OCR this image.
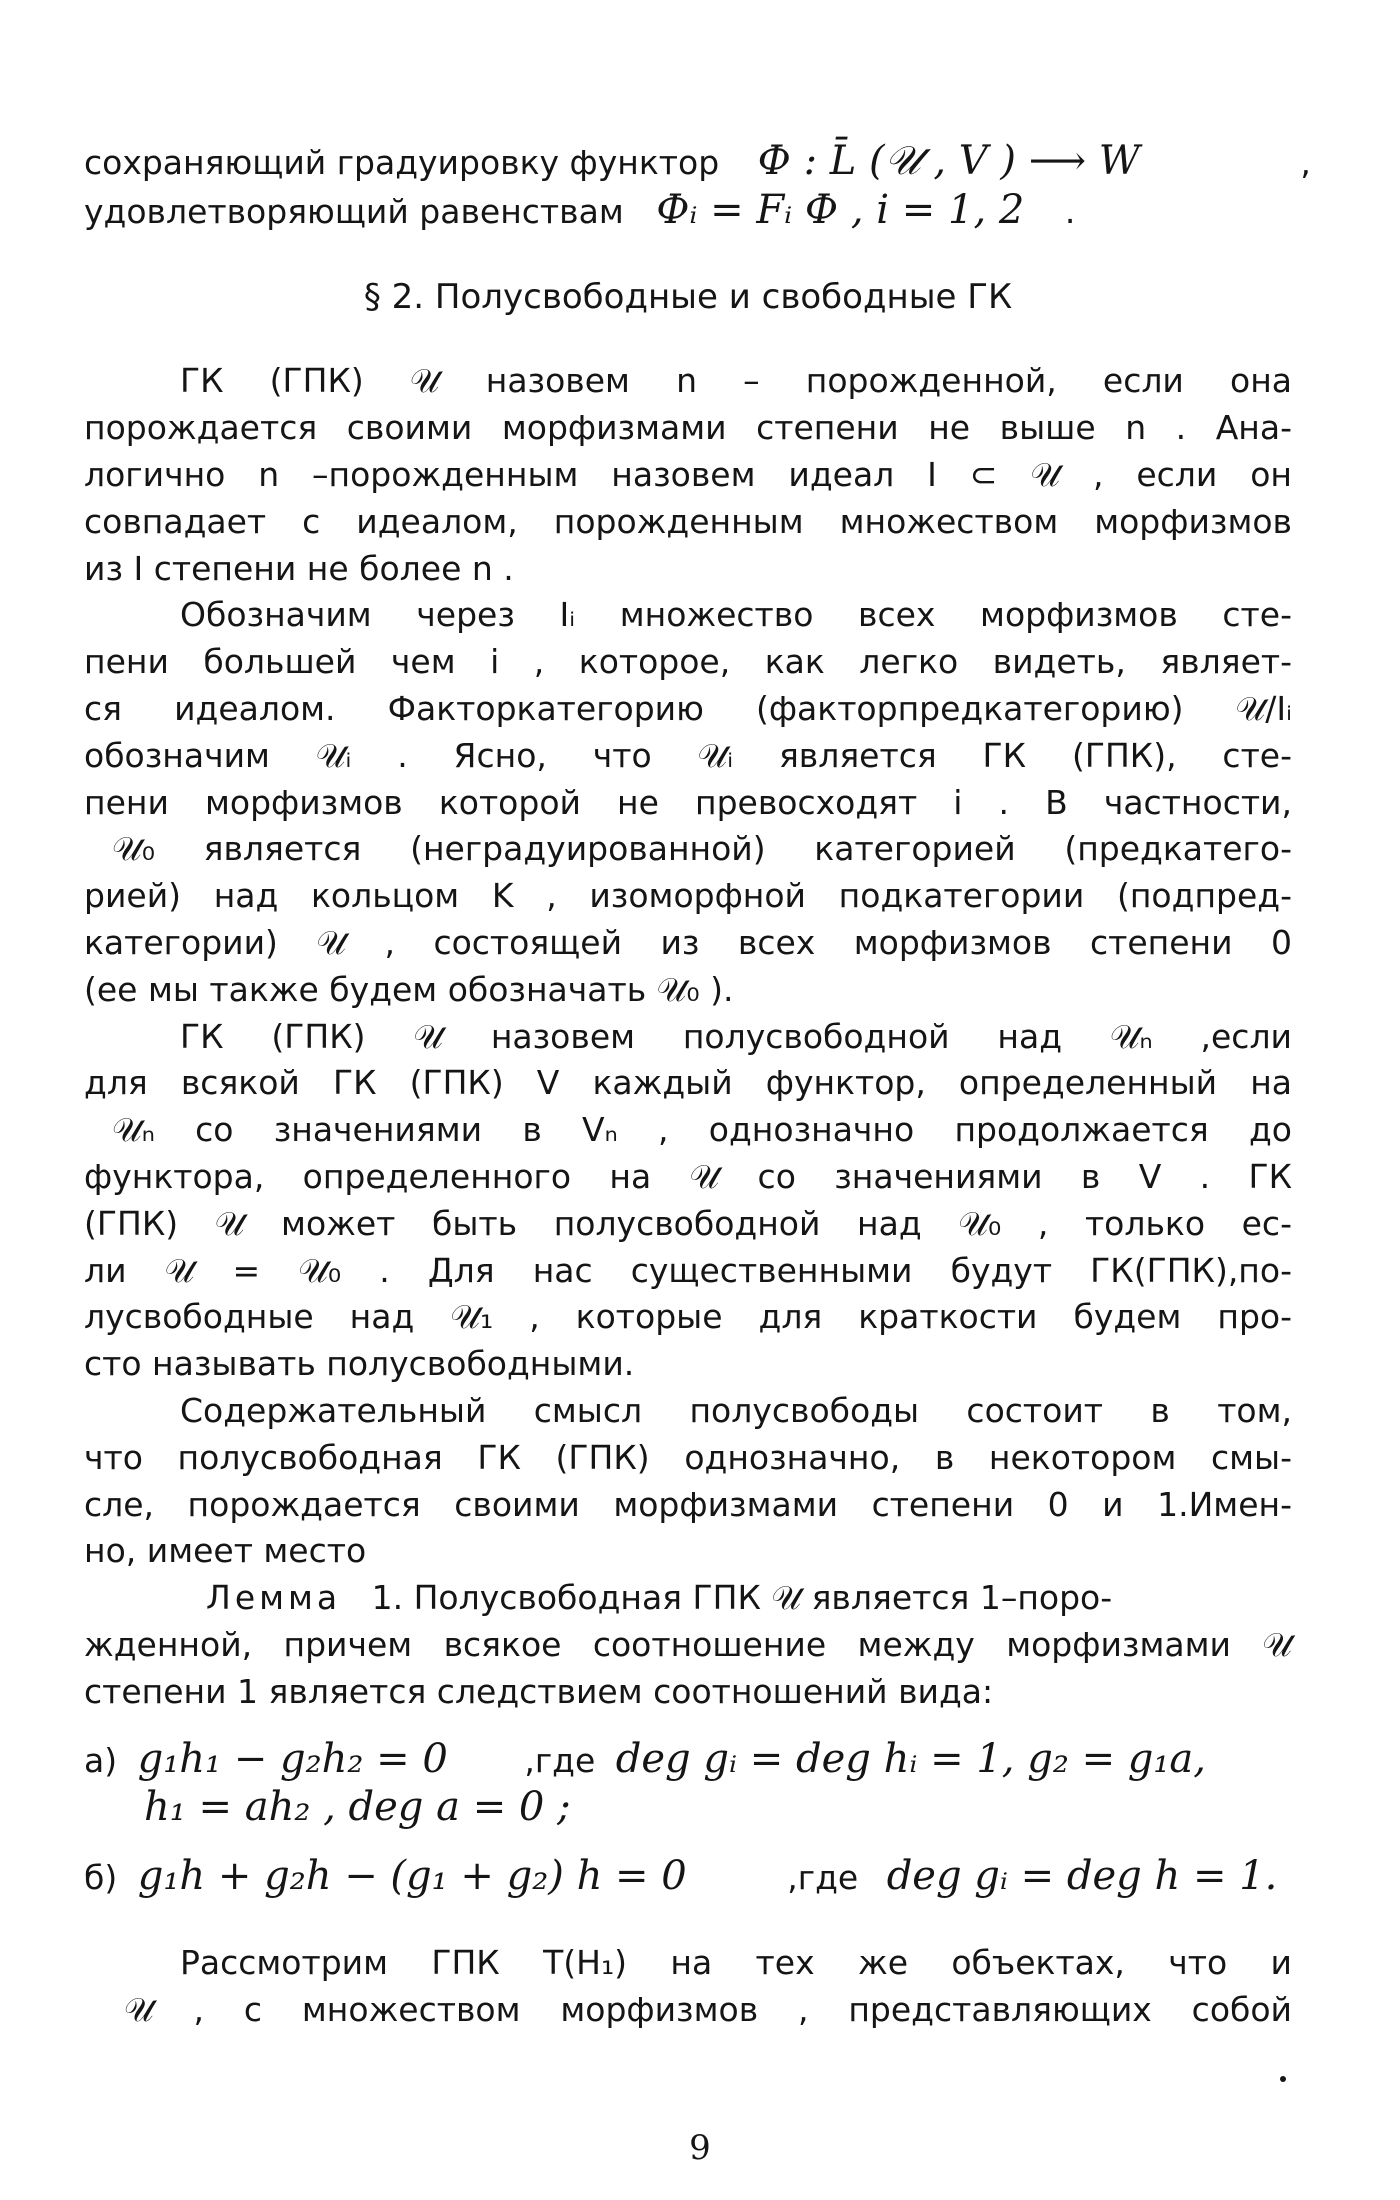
сохраняющий градуировку функтор Ф : L̄ (𝒰 , V ) ⟶ W	,
удовлетворяющий равенствам Фᵢ = Fᵢ Ф , i = 1, 2 .
§ 2. Полусвободные и свободные ГК
ГК (ГПК) 𝒰 назовем n – порожденной, если она
порождается своими морфизмами степени не выше n . Ана-
логично n –порожденным назовем идеал I ⊂ 𝒰 , если он
совпадает с идеалом, порожденным множеством морфизмов
из I степени не более n .
Обозначим через Iᵢ множество всех морфизмов сте-
пени большей чем i , которое, как легко видеть, являет-
ся идеалом. Факторкатегорию (факторпредкатегорию) 𝒰/Iᵢ
обозначим 𝒰ᵢ . Ясно, что 𝒰ᵢ является ГК (ГПК), сте-
пени морфизмов которой не превосходят i . В частности,
𝒰₀ является (неградуированной) категорией (предкатего-
рией) над кольцом K , изоморфной подкатегории (подпред-
категории) 𝒰 , состоящей из всех морфизмов степени 0
(ее мы также будем обозначать 𝒰₀ ).
ГК (ГПК) 𝒰 назовем полусвободной над 𝒰ₙ ,если
для всякой ГК (ГПК) V каждый функтор, определенный на
𝒰ₙ со значениями в Vₙ , однозначно продолжается до
функтора, определенного на 𝒰 со значениями в V . ГК
(ГПК) 𝒰 может быть полусвободной над 𝒰₀ , только ес-
ли 𝒰 = 𝒰₀ . Для нас существенными будут ГК(ГПК),по-
лусвободные над 𝒰₁ , которые для краткости будем про-
сто называть полусвободными.
Содержательный смысл полусвободы состоит в том,
что полусвободная ГК (ГПК) однозначно, в некотором смы-
сле, порождается своими морфизмами степени 0 и 1.Имен-
но, имеет место
Лемма 1. Полусвободная ГПК 𝒰 является 1–поро-
жденной, причем всякое соотношение между морфизмами 𝒰
степени 1 является следствием соотношений вида:
а) g₁h₁ − g₂h₂ = 0 ,где deg gᵢ = deg hᵢ = 1, g₂ = g₁a,
h₁ = ah₂ , deg a = 0 ;
б) g₁h + g₂h − (g₁ + g₂) h = 0	,где deg gᵢ = deg h = 1.
Рассмотрим ГПК T(H₁) на тех же объектах, что и
𝒰 , с множеством морфизмов , представляющих собой
9
